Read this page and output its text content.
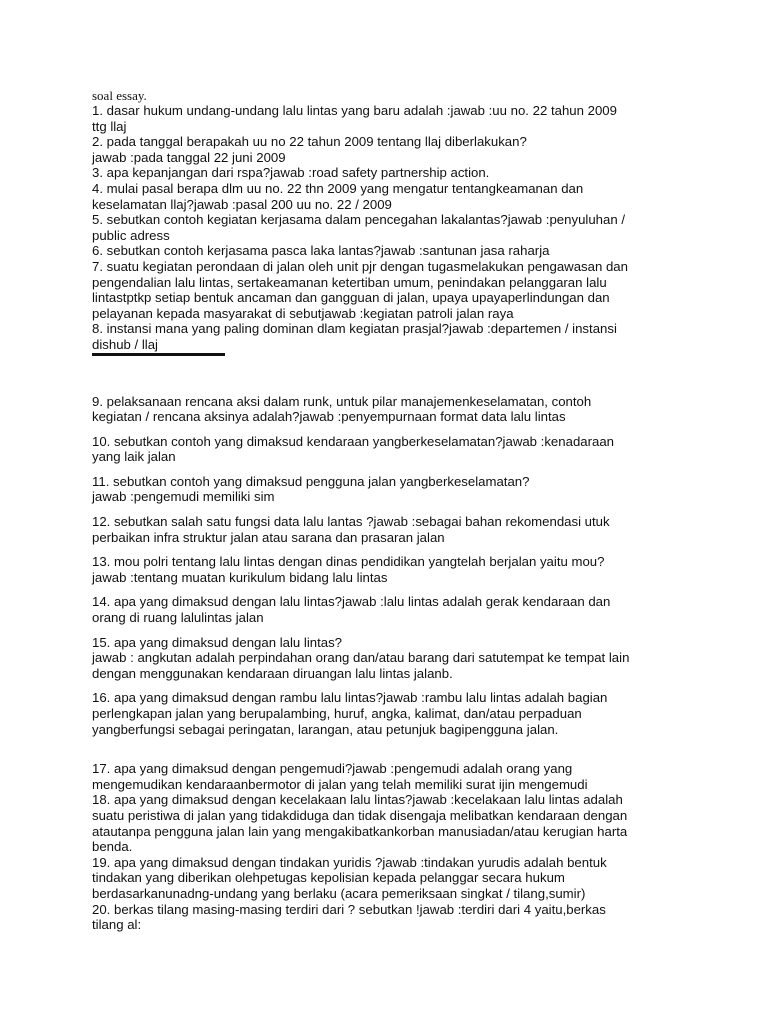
soal essay.
1. dasar hukum undang-undang lalu lintas yang baru adalah :jawab :uu no. 22 tahun 2009
ttg llaj
2. pada tanggal berapakah uu no 22 tahun 2009 tentang llaj diberlakukan?
jawab :pada tanggal 22 juni 2009
3. apa kepanjangan dari rspa?jawab :road safety partnership action.
4. mulai pasal berapa dlm uu no. 22 thn 2009 yang mengatur tentangkeamanan dan
keselamatan llaj?jawab :pasal 200 uu no. 22 / 2009
5. sebutkan contoh kegiatan kerjasama dalam pencegahan lakalantas?jawab :penyuluhan /
public adress
6. sebutkan contoh kerjasama pasca laka lantas?jawab :santunan jasa raharja
7. suatu kegiatan perondaan di jalan oleh unit pjr dengan tugasmelakukan pengawasan dan
pengendalian lalu lintas, sertakeamanan ketertiban umum, penindakan pelanggaran lalu
lintastptkp setiap bentuk ancaman dan gangguan di jalan, upaya upayaperlindungan dan
pelayanan kepada masyarakat di sebutjawab :kegiatan patroli jalan raya
8. instansi mana yang paling dominan dlam kegiatan prasjal?jawab :departemen / instansi
dishub / llaj
9. pelaksanaan rencana aksi dalam runk, untuk pilar manajemenkeselamatan, contoh
kegiatan / rencana aksinya adalah?jawab :penyempurnaan format data lalu lintas
10. sebutkan contoh yang dimaksud kendaraan yangberkeselamatan?jawab :kenadaraan
yang laik jalan
11. sebutkan contoh yang dimaksud pengguna jalan yangberkeselamatan?
jawab :pengemudi memiliki sim
12. sebutkan salah satu fungsi data lalu lantas ?jawab :sebagai bahan rekomendasi utuk
perbaikan infra struktur jalan atau sarana dan prasaran jalan
13. mou polri tentang lalu lintas dengan dinas pendidikan yangtelah berjalan yaitu mou?
jawab :tentang muatan kurikulum bidang lalu lintas
14. apa yang dimaksud dengan lalu lintas?jawab :lalu lintas adalah gerak kendaraan dan
orang di ruang lalulintas jalan
15. apa yang dimaksud dengan lalu lintas?
jawab : angkutan adalah perpindahan orang dan/atau barang dari satutempat ke tempat lain
dengan menggunakan kendaraan diruangan lalu lintas jalanb.
16. apa yang dimaksud dengan rambu lalu lintas?jawab :rambu lalu lintas adalah bagian
perlengkapan jalan yang berupalambing, huruf, angka, kalimat, dan/atau perpaduan
yangberfungsi sebagai peringatan, larangan, atau petunjuk bagipengguna jalan.
17. apa yang dimaksud dengan pengemudi?jawab :pengemudi adalah orang yang
mengemudikan kendaraanbermotor di jalan yang telah memiliki surat ijin mengemudi
18. apa yang dimaksud dengan kecelakaan lalu lintas?jawab :kecelakaan lalu lintas adalah
suatu peristiwa di jalan yang tidakdiduga dan tidak disengaja melibatkan kendaraan dengan
atautanpa pengguna jalan lain yang mengakibatkankorban manusiadan/atau kerugian harta
benda.
19. apa yang dimaksud dengan tindakan yuridis ?jawab :tindakan yurudis adalah bentuk
tindakan yang diberikan olehpetugas kepolisian kepada pelanggar secara hukum
berdasarkanunadng-undang yang berlaku (acara pemeriksaan singkat / tilang,sumir)
20. berkas tilang masing-masing terdiri dari ? sebutkan !jawab :terdiri dari 4 yaitu,berkas
tilang al:
